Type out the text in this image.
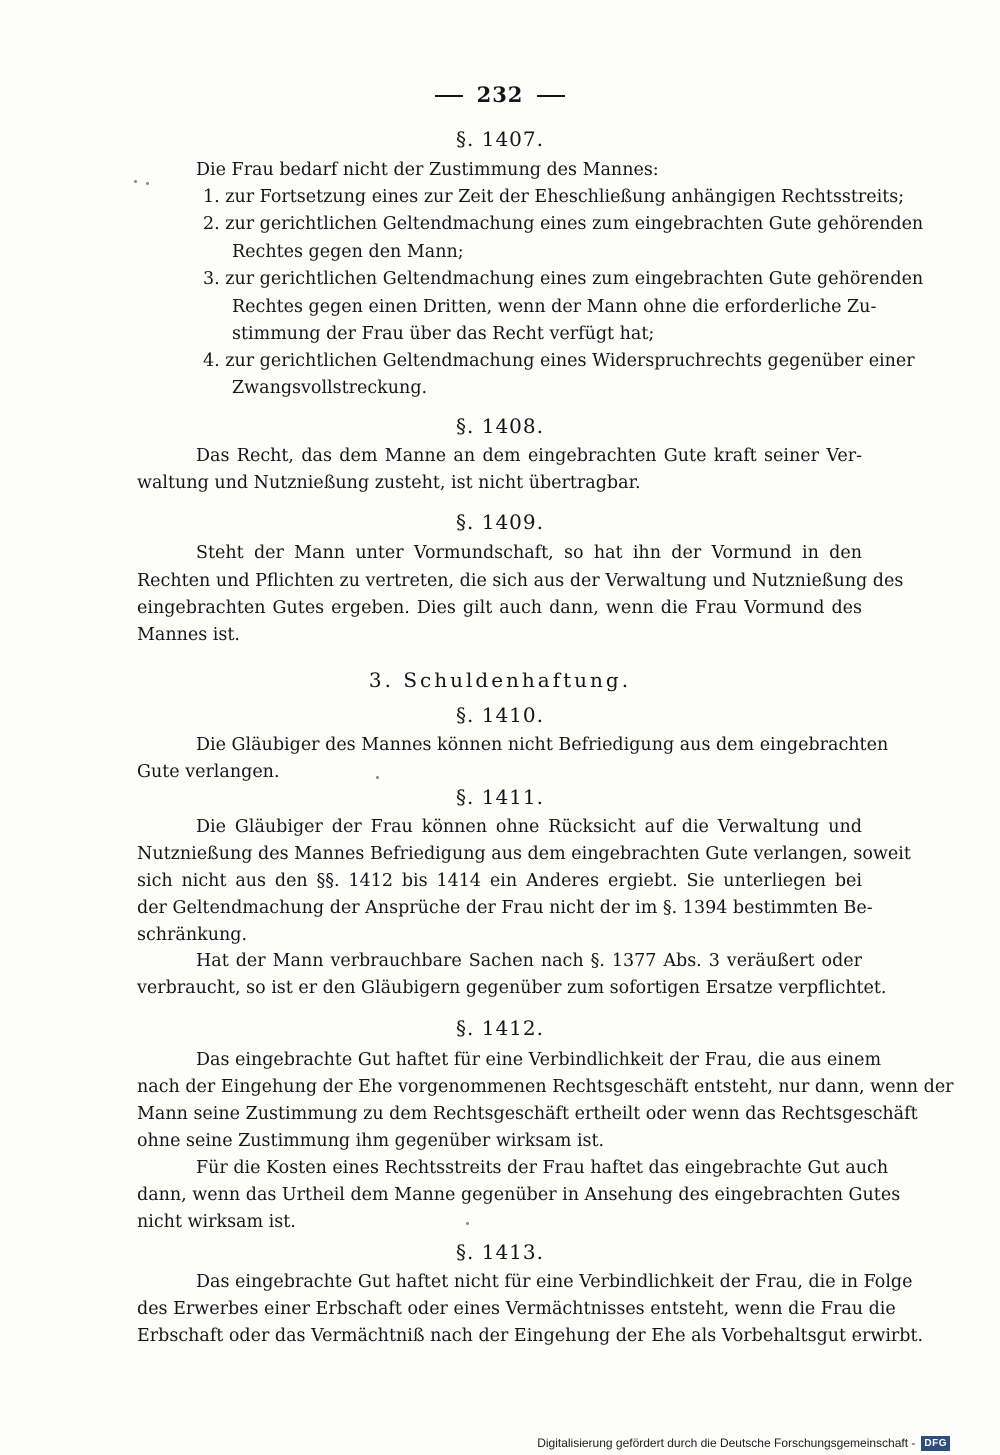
232
§. 1407.
Die Frau bedarf nicht der Zustimmung des Mannes:
1. zur Fortsetzung eines zur Zeit der Eheschließung anhängigen Rechtsstreits;
2. zur gerichtlichen Geltendmachung eines zum eingebrachten Gute gehörenden
Rechtes gegen den Mann;
3. zur gerichtlichen Geltendmachung eines zum eingebrachten Gute gehörenden
Rechtes gegen einen Dritten, wenn der Mann ohne die erforderliche Zu-
stimmung der Frau über das Recht verfügt hat;
4. zur gerichtlichen Geltendmachung eines Widerspruchrechts gegenüber einer
Zwangsvollstreckung.
§. 1408.
Das Recht, das dem Manne an dem eingebrachten Gute kraft seiner Ver-
waltung und Nutznießung zusteht, ist nicht übertragbar.
§. 1409.
Steht der Mann unter Vormundschaft, so hat ihn der Vormund in den
Rechten und Pflichten zu vertreten, die sich aus der Verwaltung und Nutznießung des
eingebrachten Gutes ergeben. Dies gilt auch dann, wenn die Frau Vormund des
Mannes ist.
3. Schuldenhaftung.
§. 1410.
Die Gläubiger des Mannes können nicht Befriedigung aus dem eingebrachten
Gute verlangen.
§. 1411.
Die Gläubiger der Frau können ohne Rücksicht auf die Verwaltung und
Nutznießung des Mannes Befriedigung aus dem eingebrachten Gute verlangen, soweit
sich nicht aus den §§. 1412 bis 1414 ein Anderes ergiebt. Sie unterliegen bei
der Geltendmachung der Ansprüche der Frau nicht der im §. 1394 bestimmten Be-
schränkung.
Hat der Mann verbrauchbare Sachen nach §. 1377 Abs. 3 veräußert oder
verbraucht, so ist er den Gläubigern gegenüber zum sofortigen Ersatze verpflichtet.
§. 1412.
Das eingebrachte Gut haftet für eine Verbindlichkeit der Frau, die aus einem
nach der Eingehung der Ehe vorgenommenen Rechtsgeschäft entsteht, nur dann, wenn der
Mann seine Zustimmung zu dem Rechtsgeschäft ertheilt oder wenn das Rechtsgeschäft
ohne seine Zustimmung ihm gegenüber wirksam ist.
Für die Kosten eines Rechtsstreits der Frau haftet das eingebrachte Gut auch
dann, wenn das Urtheil dem Manne gegenüber in Ansehung des eingebrachten Gutes
nicht wirksam ist.
§. 1413.
Das eingebrachte Gut haftet nicht für eine Verbindlichkeit der Frau, die in Folge
des Erwerbes einer Erbschaft oder eines Vermächtnisses entsteht, wenn die Frau die
Erbschaft oder das Vermächtniß nach der Eingehung der Ehe als Vorbehaltsgut erwirbt.
Digitalisierung gefördert durch die Deutsche Forschungsgemeinschaft - DFG
